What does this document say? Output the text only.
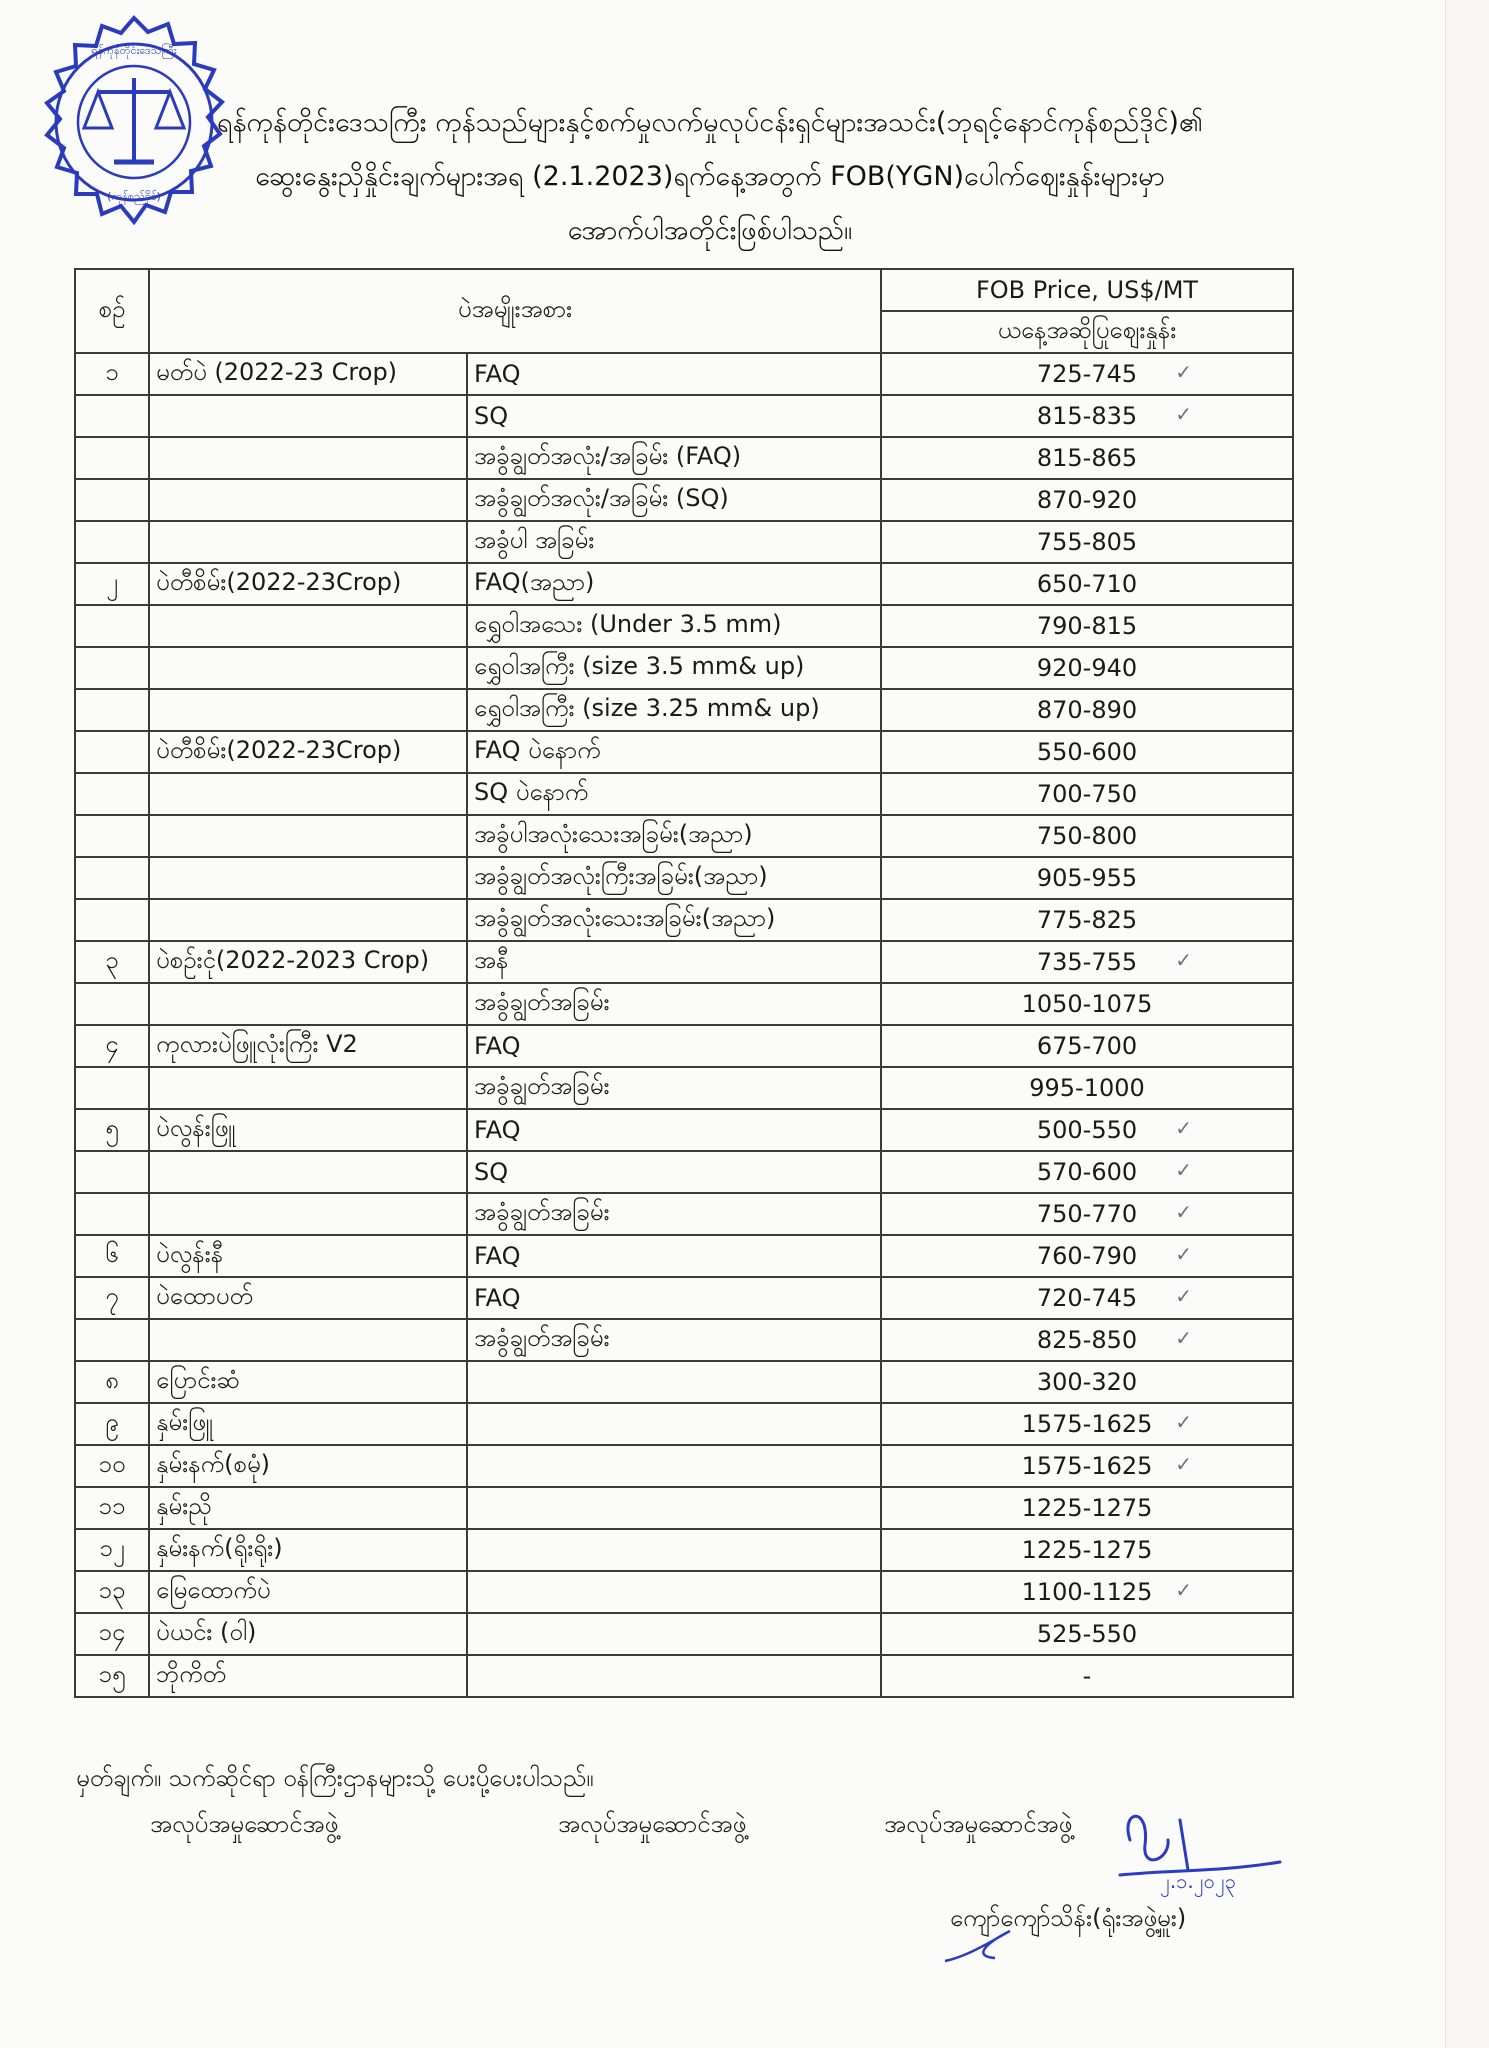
ရန်ကုန်တိုင်းဒေသကြီး
(ကုန်စည်ဒိုင်)
ရန်ကုန်တိုင်းဒေသကြီး ကုန်သည်များနှင့်စက်မှုလက်မှုလုပ်ငန်းရှင်များအသင်း(ဘုရင့်နောင်ကုန်စည်ဒိုင်)၏
ဆွေးနွေးညှိနှိုင်းချက်များအရ (2.1.2023)ရက်နေ့အတွက် FOB(YGN)ပေါက်ဈေးနှုန်းများမှာ
အောက်ပါအတိုင်းဖြစ်ပါသည်။
စဉ်	ပဲအမျိုးအစား		FOB Price, US$/MT
			ယနေ့အဆိုပြုဈေးနှုန်း
၁	မတ်ပဲ (2022-23 Crop)	FAQ	725-745 ✓

		SQ	815-835 ✓

		အခွံချွတ်အလုံး/အခြမ်း (FAQ)	815-865
		အခွံချွတ်အလုံး/အခြမ်း (SQ)	870-920
		အခွံပါ အခြမ်း	755-805
၂	ပဲတီစိမ်း(2022-23Crop)	FAQ(အညာ)	650-710
		ရွှေဝါအသေး (Under 3.5 mm)	790-815
		ရွှေဝါအကြီး (size 3.5 mm& up)	920-940
		ရွှေဝါအကြီး (size 3.25 mm& up)	870-890
	ပဲတီစိမ်း(2022-23Crop)	FAQ ပဲနောက်	550-600
		SQ ပဲနောက်	700-750
		အခွံပါအလုံးသေးအခြမ်း(အညာ)	750-800
		အခွံချွတ်အလုံးကြီးအခြမ်း(အညာ)	905-955
		အခွံချွတ်အလုံးသေးအခြမ်း(အညာ)	775-825
၃	ပဲစဉ်းငုံ(2022-2023 Crop)	အနီ	735-755 ✓

		အခွံချွတ်အခြမ်း	1050-1075
၄	ကုလားပဲဖြူလုံးကြီး V2	FAQ	675-700
		အခွံချွတ်အခြမ်း	995-1000
၅	ပဲလွန်းဖြူ	FAQ	500-550 ✓

		SQ	570-600 ✓

		အခွံချွတ်အခြမ်း	750-770 ✓

၆	ပဲလွန်းနီ	FAQ	760-790 ✓

၇	ပဲထောပတ်	FAQ	720-745 ✓

		အခွံချွတ်အခြမ်း	825-850 ✓

၈	ပြောင်းဆံ		300-320
၉	နှမ်းဖြူ		1575-1625 ✓

၁၀	နှမ်းနက်(စမုံ)		1575-1625 ✓

၁၁	နှမ်းညို		1225-1275
၁၂	နှမ်းနက်(ရိုးရိုး)		1225-1275
၁၃	မြေထောက်ပဲ		1100-1125 ✓

၁၄	ပဲယင်း (ဝါ)		525-550
၁၅	ဘိုကိတ်		-
မှတ်ချက်။ သက်ဆိုင်ရာ ဝန်ကြီးဌာနများသို့ ပေးပို့ပေးပါသည်။
အလုပ်အမှုဆောင်အဖွဲ့	အလုပ်အမှုဆောင်အဖွဲ့	အလုပ်အမှုဆောင်အဖွဲ့
၂.၁.၂၀၂၃
ကျော်ကျော်သိန်း(ရုံးအဖွဲ့မှူး)
